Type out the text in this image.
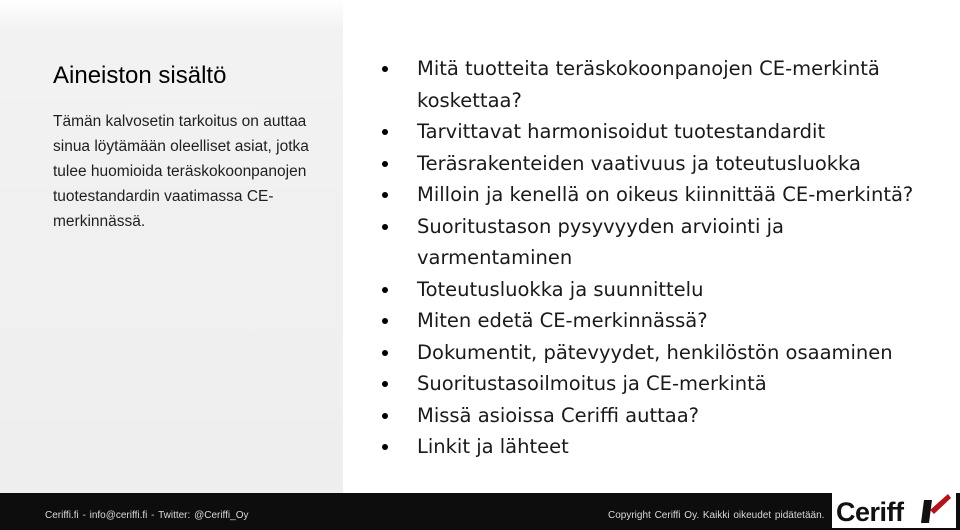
Aineiston sisältö

Tämän kalvosetin tarkoitus on auttaa sinua löytämään oleelliset asiat, jotka tulee huomioida teräskokoonpanojen tuotestandardin vaatimassa CE-merkinnässä.

Mitä tuotteita teräskokoonpanojen CE-merkintä koskettaa?
Tarvittavat harmonisoidut tuotestandardit
Teräsrakenteiden vaativuus ja toteutusluokka
Milloin ja kenellä on oikeus kiinnittää CE-merkintä?
Suoritustason pysyvyyden arviointi ja varmentaminen
Toteutusluokka ja suunnittelu
Miten edetä CE-merkinnässä?
Dokumentit, pätevyydet, henkilöstön osaaminen
Suoritustasoilmoitus ja CE-merkintä
Missä asioissa Ceriffi auttaa?
Linkit ja lähteet

Ceriffi.fi - info@ceriffi.fi - Twitter: @Ceriffi_Oy	Copyright Ceriffi Oy. Kaikki oikeudet pidätetään. Ceriff
